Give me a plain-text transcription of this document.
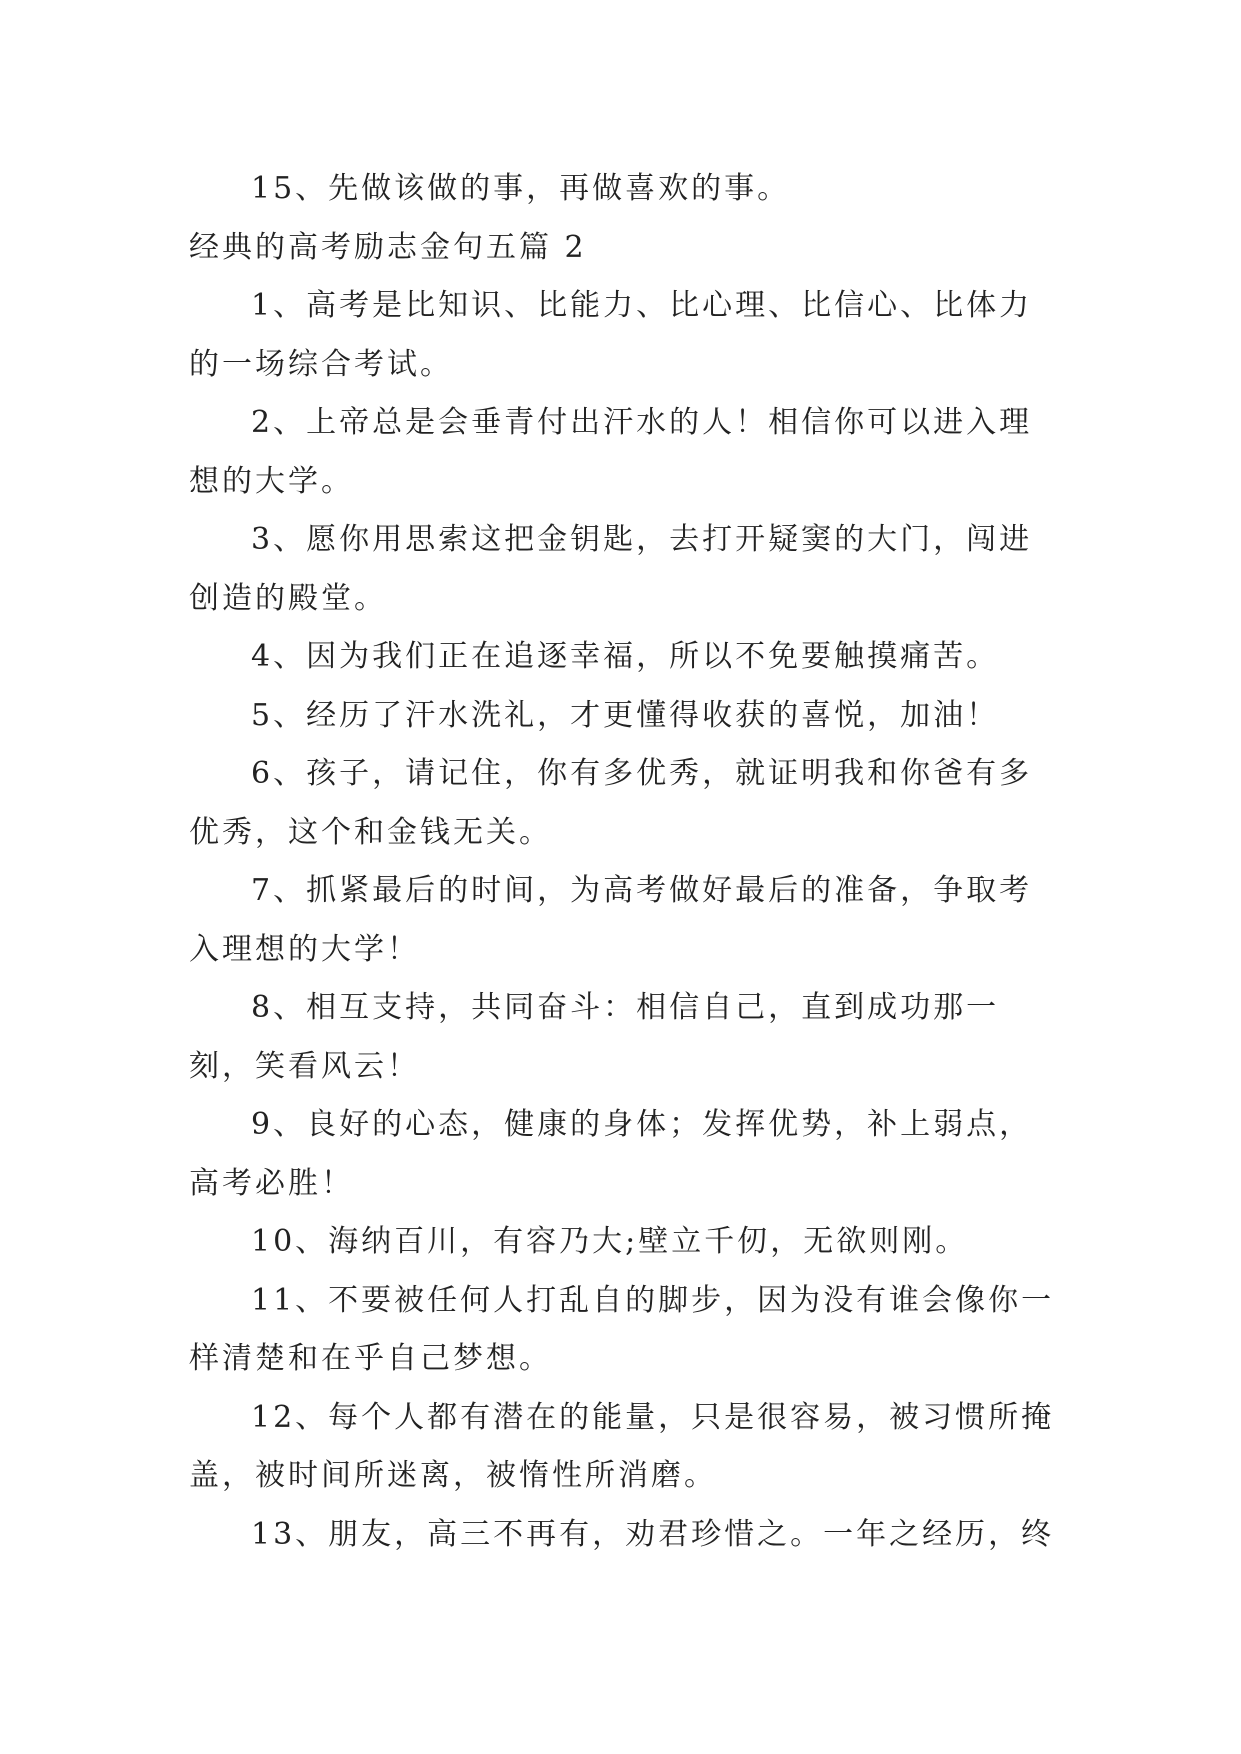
15、先做该做的事，再做喜欢的事。

经典的高考励志金句五篇 2

1、高考是比知识、比能力、比心理、比信心、比体力的一场综合考试。

2、上帝总是会垂青付出汗水的人！相信你可以进入理想的大学。

3、愿你用思索这把金钥匙，去打开疑窦的大门，闯进创造的殿堂。

4、因为我们正在追逐幸福，所以不免要触摸痛苦。

5、经历了汗水洗礼，才更懂得收获的喜悦，加油！

6、孩子，请记住，你有多优秀，就证明我和你爸有多优秀，这个和金钱无关。

7、抓紧最后的时间，为高考做好最后的准备，争取考入理想的大学！

8、相互支持，共同奋斗：相信自己，直到成功那一刻，笑看风云！

9、良好的心态，健康的身体；发挥优势，补上弱点，高考必胜！

10、海纳百川，有容乃大;壁立千仞，无欲则刚。

11、不要被任何人打乱自的脚步，因为没有谁会像你一样清楚和在乎自己梦想。

12、每个人都有潜在的能量，只是很容易，被习惯所掩盖，被时间所迷离，被惰性所消磨。

13、朋友，高三不再有，劝君珍惜之。一年之经历，终
